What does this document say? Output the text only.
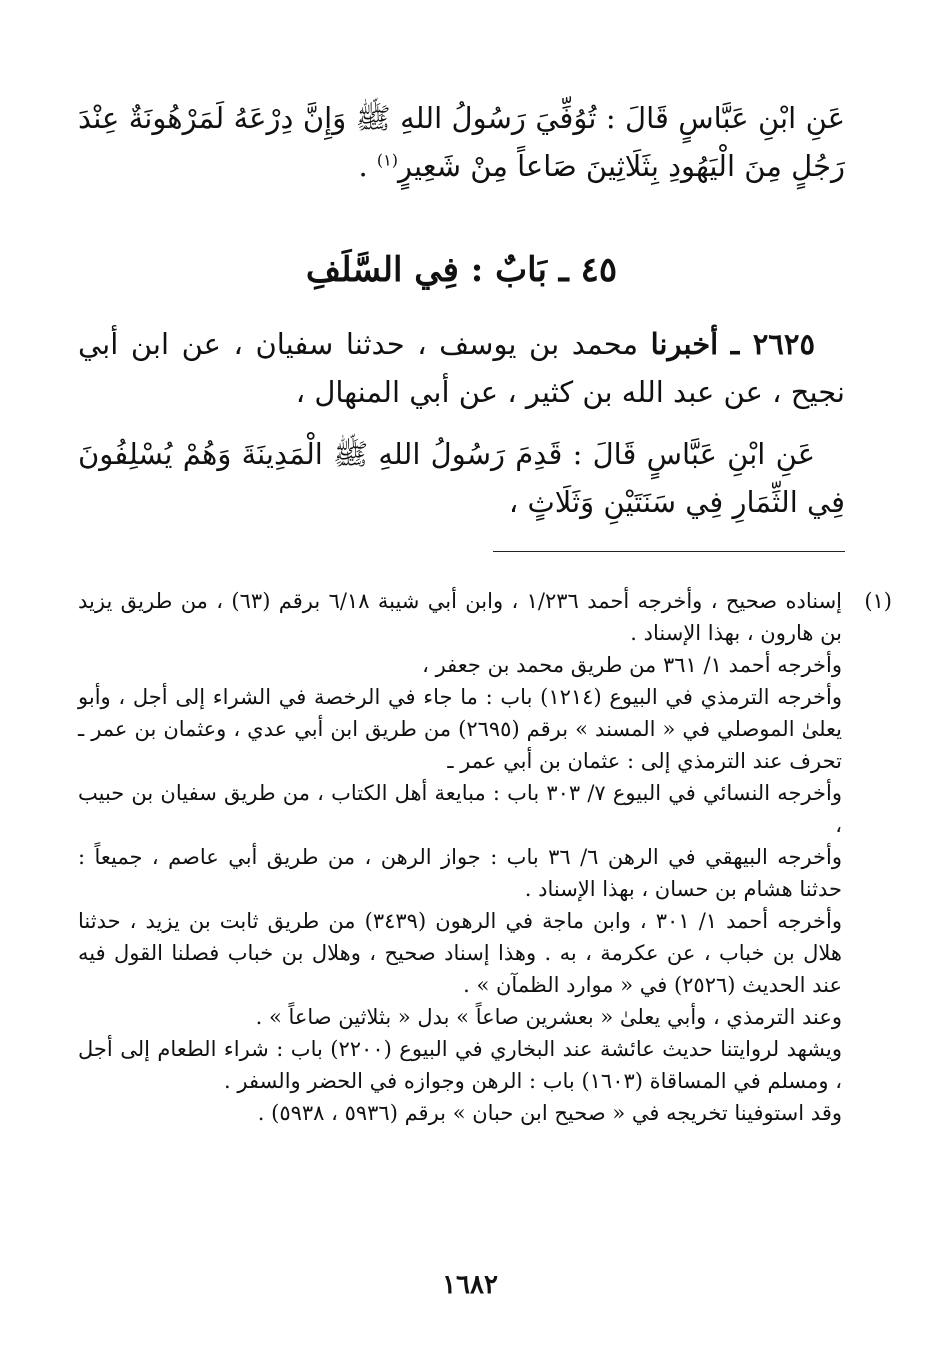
عَنِ ابْنِ عَبَّاسٍ قَالَ : تُوُفِّيَ رَسُولُ اللهِ ﷺ وَإِنَّ دِرْعَهُ لَمَرْهُونَةٌ عِنْدَ رَجُلٍ مِنَ الْيَهُودِ بِثَلَاثِينَ صَاعاً مِنْ شَعِيرٍ$^{(١)}$ .

٤٥ ـ بَابٌ : فِي السَّلَفِ

٢٦٢٥ ـ أخبرنا محمد بن يوسف ، حدثنا سفيان ، عن ابن أبي نجيح ، عن عبد الله بن كثير ، عن أبي المنهال ،

عَنِ ابْنِ عَبَّاسٍ قَالَ : قَدِمَ رَسُولُ اللهِ ﷺ الْمَدِينَةَ وَهُمْ يُسْلِفُونَ فِي الثِّمَارِ فِي سَنَتَيْنِ وَثَلَاثٍ ،

(١)

إسناده صحيح ، وأخرجه أحمد ١/٢٣٦ ، وابن أبي شيبة ٦/١٨ برقم (٦٣) ، من طريق يزيد بن هارون ، بهذا الإسناد .

وأخرجه أحمد ١/ ٣٦١ من طريق محمد بن جعفر ،

وأخرجه الترمذي في البيوع (١٢١٤) باب : ما جاء في الرخصة في الشراء إلى أجل ، وأبو يعلىٰ الموصلي في « المسند » برقم (٢٦٩٥) من طريق ابن أبي عدي ، وعثمان بن عمر ـ تحرف عند الترمذي إلى : عثمان بن أبي عمر ـ

وأخرجه النسائي في البيوع ٧/ ٣٠٣ باب : مبايعة أهل الكتاب ، من طريق سفيان بن حبيب ،

وأخرجه البيهقي في الرهن ٦/ ٣٦ باب : جواز الرهن ، من طريق أبي عاصم ، جميعاً : حدثنا هشام بن حسان ، بهذا الإسناد .

وأخرجه أحمد ١/ ٣٠١ ، وابن ماجة في الرهون (٣٤٣٩) من طريق ثابت بن يزيد ، حدثنا هلال بن خباب ، عن عكرمة ، به . وهذا إسناد صحيح ، وهلال بن خباب فصلنا القول فيه عند الحديث (٢٥٢٦) في « موارد الظمآن » .

وعند الترمذي ، وأبي يعلىٰ « بعشرين صاعاً » بدل « بثلاثين صاعاً » .

ويشهد لروايتنا حديث عائشة عند البخاري في البيوع (٢٢٠٠) باب : شراء الطعام إلى أجل ، ومسلم في المساقاة (١٦٠٣) باب : الرهن وجوازه في الحضر والسفر .

وقد استوفينا تخريجه في « صحيح ابن حبان » برقم (٥٩٣٦ ، ٥٩٣٨) .

١٦٨٢
